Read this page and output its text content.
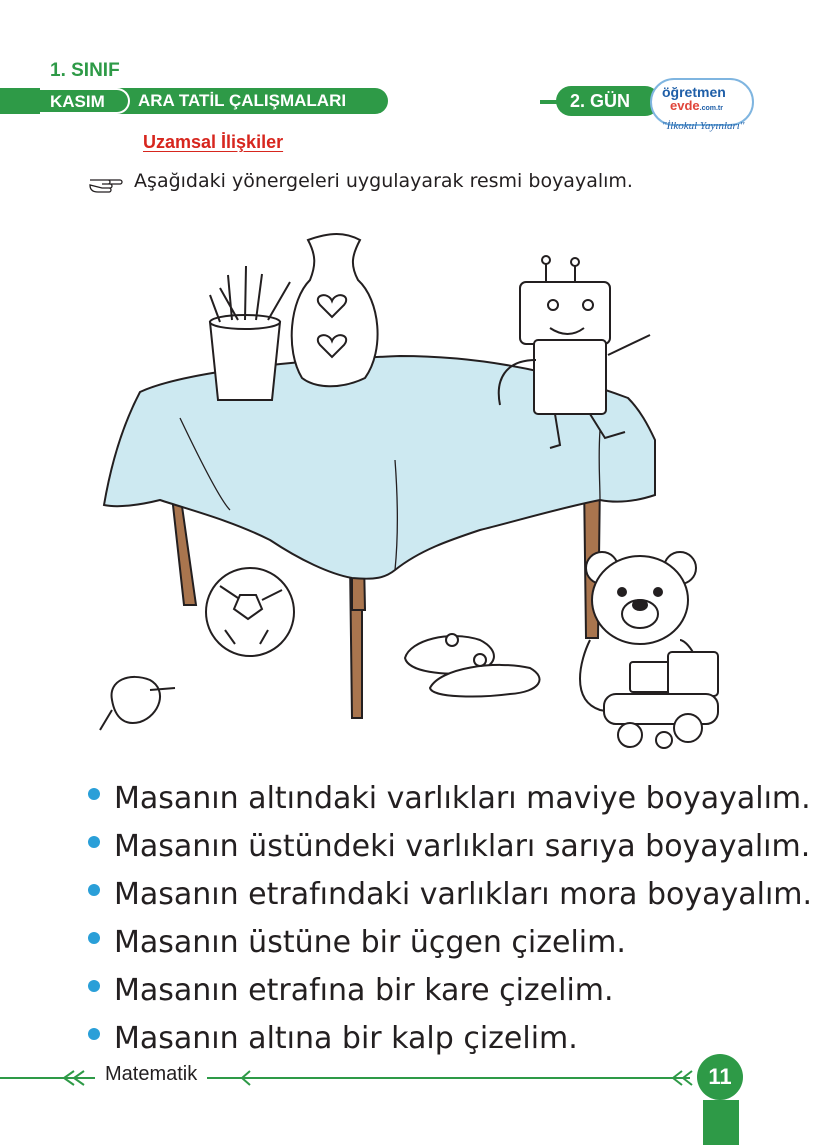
1. SINIF
KASIM	ARA TATİL ÇALIŞMALARI	2. GÜN	öğretmen
evde.com.tr
"İlkokul Yayınları"
Uzamsal İlişkiler
Aşağıdaki yönergeleri uygulayarak resmi boyayalım.
Masanın altındaki varlıkları maviye boyayalım.
Masanın üstündeki varlıkları sarıya boyayalım.
Masanın etrafındaki varlıkları mora boyayalım.
Masanın üstüne bir üçgen çizelim.
Masanın etrafına bir kare çizelim.
Masanın altına bir kalp çizelim.
Matematik	11
